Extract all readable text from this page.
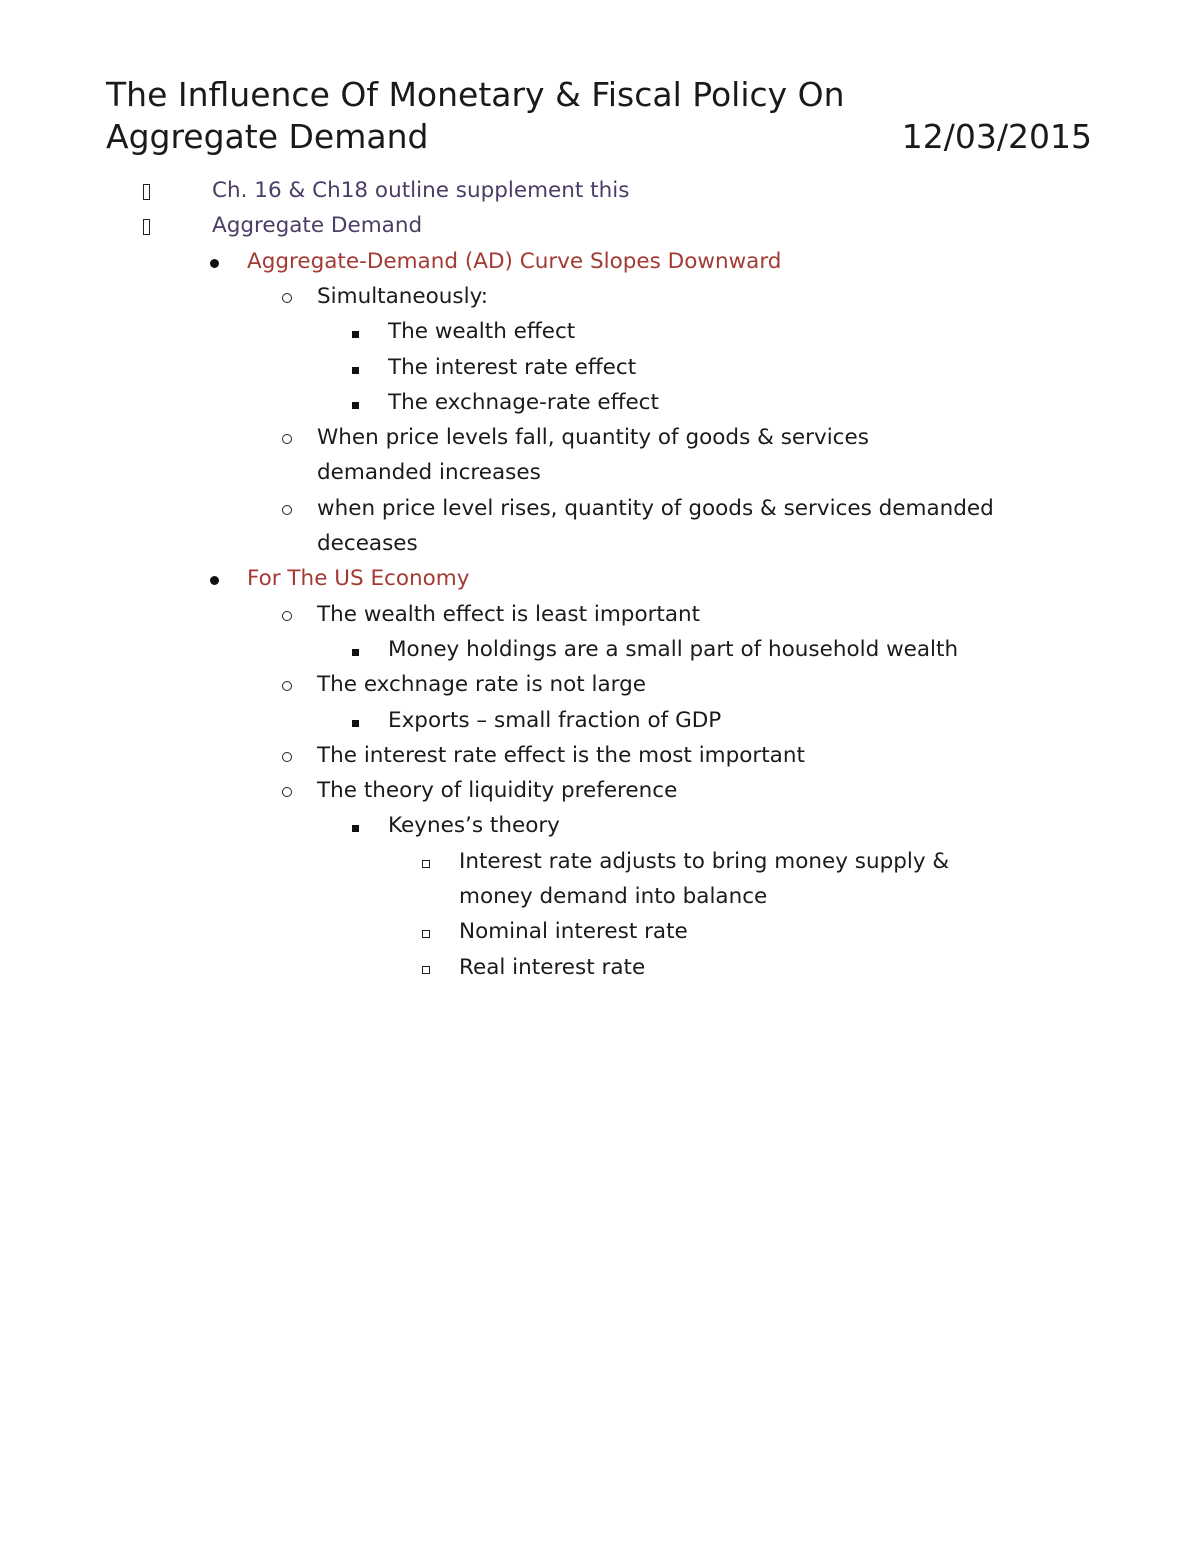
The Influence Of Monetary & Fiscal Policy On
Aggregate Demand	12/03/2015
Ch. 16 & Ch18 outline supplement this
Aggregate Demand
Aggregate-Demand (AD) Curve Slopes Downward
Simultaneously:
The wealth effect
The interest rate effect
The exchnage-rate effect
When price levels fall, quantity of goods & services
demanded increases
when price level rises, quantity of goods & services demanded
deceases
For The US Economy
The wealth effect is least important
Money holdings are a small part of household wealth
The exchnage rate is not large
Exports – small fraction of GDP
The interest rate effect is the most important
The theory of liquidity preference
Keynes’s theory
Interest rate adjusts to bring money supply &
money demand into balance
Nominal interest rate
Real interest rate
